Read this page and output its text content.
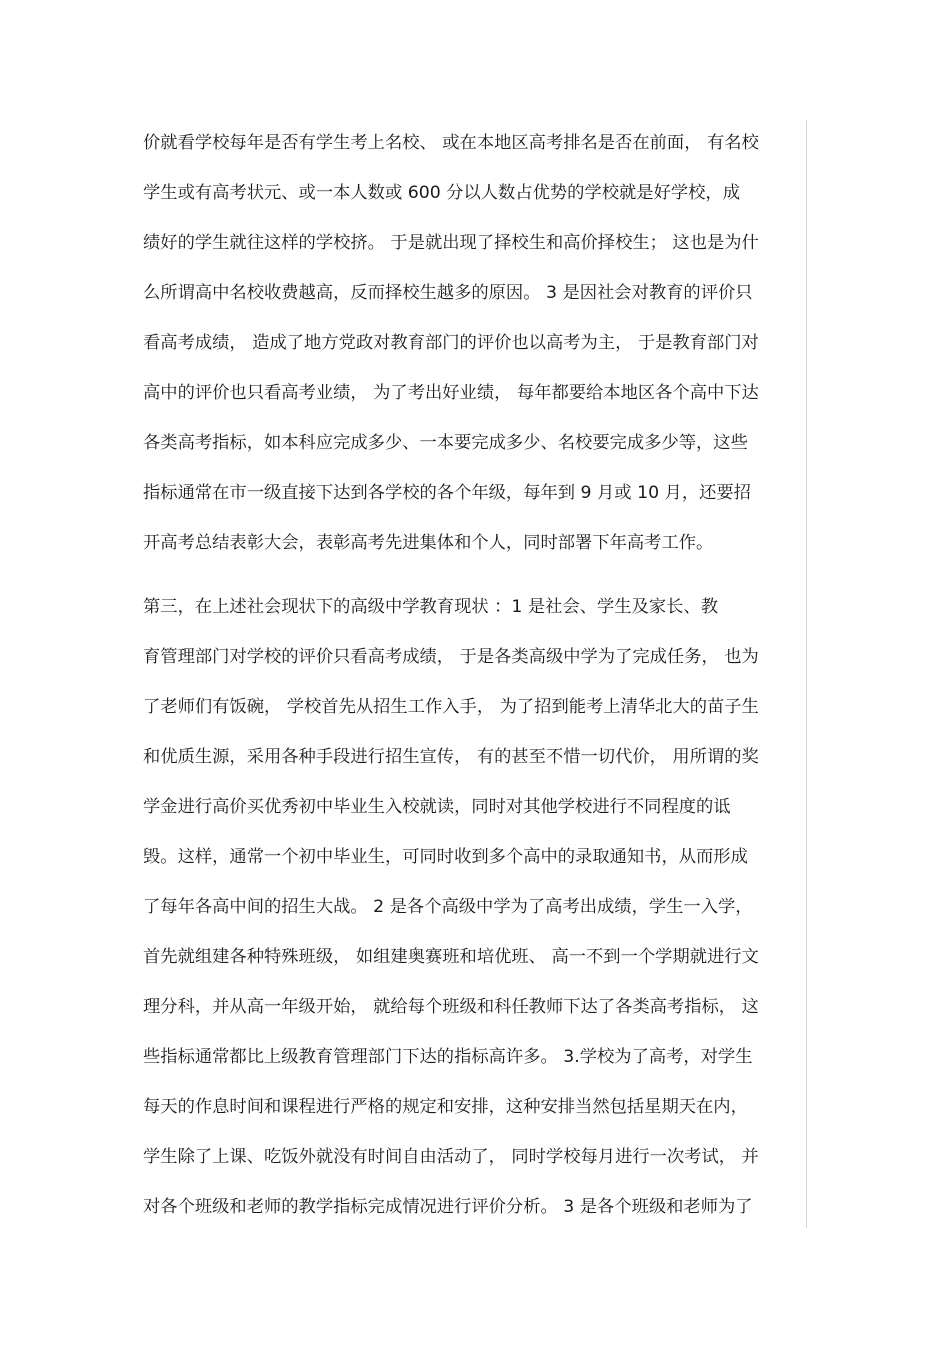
价就看学校每年是否有学生考上名校、 或在本地区高考排名是否在前面， 有名校
学生或有高考状元、或一本人数或 600 分以人数占优势的学校就是好学校，成
绩好的学生就往这样的学校挤。 于是就出现了择校生和高价择校生； 这也是为什
么所谓高中名校收费越高，反而择校生越多的原因。 3 是因社会对教育的评价只
看高考成绩， 造成了地方党政对教育部门的评价也以高考为主， 于是教育部门对
高中的评价也只看高考业绩， 为了考出好业绩， 每年都要给本地区各个高中下达
各类高考指标，如本科应完成多少、一本要完成多少、名校要完成多少等，这些
指标通常在市一级直接下达到各学校的各个年级，每年到 9 月或 10 月，还要招
开高考总结表彰大会，表彰高考先进集体和个人，同时部署下年高考工作。
第三，在上述社会现状下的高级中学教育现状 ：1 是社会、学生及家长、教
育管理部门对学校的评价只看高考成绩， 于是各类高级中学为了完成任务， 也为
了老师们有饭碗， 学校首先从招生工作入手， 为了招到能考上清华北大的苗子生
和优质生源，采用各种手段进行招生宣传， 有的甚至不惜一切代价， 用所谓的奖
学金进行高价买优秀初中毕业生入校就读，同时对其他学校进行不同程度的诋
毁。这样，通常一个初中毕业生，可同时收到多个高中的录取通知书，从而形成
了每年各高中间的招生大战。 2 是各个高级中学为了高考出成绩，学生一入学，
首先就组建各种特殊班级， 如组建奥赛班和培优班、 高一不到一个学期就进行文
理分科，并从高一年级开始， 就给每个班级和科任教师下达了各类高考指标， 这
些指标通常都比上级教育管理部门下达的指标高许多。 3.学校为了高考，对学生
每天的作息时间和课程进行严格的规定和安排，这种安排当然包括星期天在内，
学生除了上课、吃饭外就没有时间自由活动了， 同时学校每月进行一次考试， 并
对各个班级和老师的教学指标完成情况进行评价分析。 3 是各个班级和老师为了
